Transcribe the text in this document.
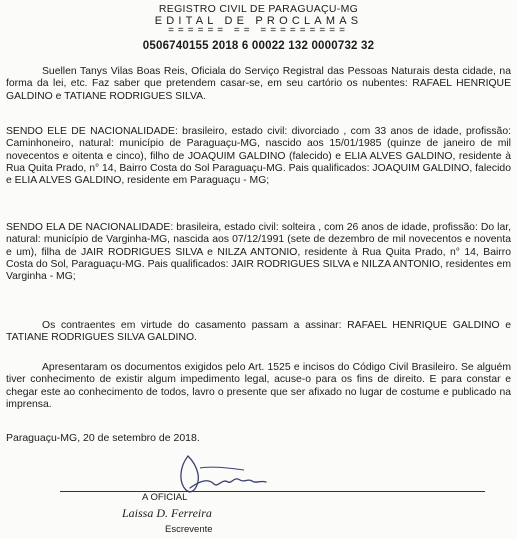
REGISTRO CIVIL DE PARAGUAÇU-MG
EDITAL DE PROCLAMAS
====== == =========
0506740155 2018 6 00022 132 0000732 32

Suellen Tanys Vilas Boas Reis, Oficiala do Serviço Registral das Pessoas Naturais desta cidade, na forma da lei, etc. Faz saber que pretendem casar-se, em seu cartório os nubentes: RAFAEL HENRIQUE GALDINO e TATIANE RODRIGUES SILVA.

SENDO ELE DE NACIONALIDADE: brasileiro, estado civil: divorciado , com 33 anos de idade, profissão: Caminhoneiro, natural: município de Paraguaçu-MG, nascido aos 15/01/1985 (quinze de janeiro de mil novecentos e oitenta e cinco), filho de JOAQUIM GALDINO (falecido) e ELIA ALVES GALDINO, residente à Rua Quita Prado, n° 14, Bairro Costa do Sol Paraguaçu-MG. Pais qualificados: JOAQUIM GALDINO, falecido e ELIA ALVES GALDINO, residente em Paraguaçu - MG;

SENDO ELA DE NACIONALIDADE: brasileira, estado civil: solteira , com 26 anos de idade, profissão: Do lar, natural: município de Varginha-MG, nascida aos 07/12/1991 (sete de dezembro de mil novecentos e noventa e um), filha de JAIR RODRIGUES SILVA e NILZA ANTONIO, residente à Rua Quita Prado, n° 14, Bairro Costa do Sol, Paraguaçu-MG. Pais qualificados: JAIR RODRIGUES SILVA e NILZA ANTONIO, residentes em Varginha - MG;

Os contraentes em virtude do casamento passam a assinar: RAFAEL HENRIQUE GALDINO e TATIANE RODRIGUES SILVA GALDINO.

Apresentaram os documentos exigidos pelo Art. 1525 e incisos do Código Civil Brasileiro. Se alguém tiver conhecimento de existir algum impedimento legal, acuse-o para os fins de direito. E para constar e chegar este ao conhecimento de todos, lavro o presente que ser afixado no lugar de costume e publicado na imprensa.

Paraguaçu-MG, 20 de setembro de 2018.

A OFICIAL
Laissa D. Ferreira
Escrevente
